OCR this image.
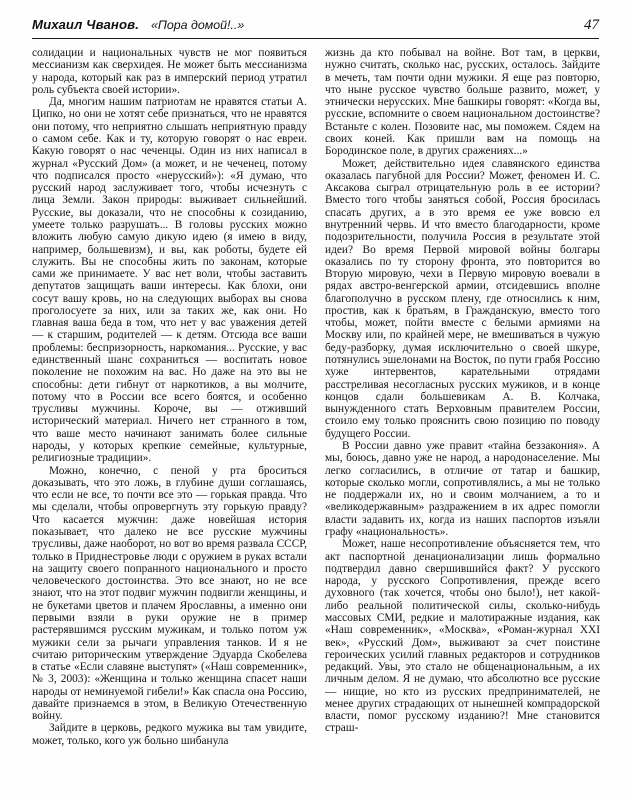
Михаил Чванов. «Пора домой!..»	47

солидации и национальных чувств не мог появиться мессианизм как сверхидея. Не может быть мессианизма у народа, который как раз в имперский период утратил роль субъекта своей истории».

Да, многим нашим патриотам не нравятся статьи А. Ципко, но они не хотят себе признаться, что не нравятся они потому, что неприятно слышать неприятную правду о самом себе. Как и ту, которую говорят о нас евреи. Какую говорят о нас чеченцы. Один из них написал в журнал «Русский Дом» (а может, и не чеченец, потому что подписался просто «нерусский»): «Я думаю, что русский народ заслуживает того, чтобы исчезнуть с лица Земли. Закон природы: выживает сильнейший. Русские, вы доказали, что не способны к созиданию, умеете только разрушать... В головы русских можно вложить любую самую дикую идею (я имею в виду, например, большевизм), и вы, как роботы, будете ей служить. Вы не способны жить по законам, которые сами же принимаете. У вас нет воли, чтобы заставить депутатов защищать ваши интересы. Как блохи, они сосут вашу кровь, но на следующих выборах вы снова проголосуете за них, или за таких же, как они. Но главная ваша беда в том, что нет у вас уважения детей — к старшим, родителей — к детям. Отсюда все ваши проблемы: беспризорность, наркомания... Русские, у вас единственный шанс сохраниться — воспитать новое поколение не похожим на вас. Но даже на это вы не способны: дети гибнут от наркотиков, а вы молчите, потому что в России все всего боятся, и особенно трусливы мужчины. Короче, вы — отживший исторический материал. Ничего нет странного в том, что ваше место начинают занимать более сильные народы, у которых крепкие семейные, культурные, религиозные традиции».

Можно, конечно, с пеной у рта броситься доказывать, что это ложь, в глубине души соглашаясь, что если не все, то почти все это — горькая правда. Что мы сделали, чтобы опровергнуть эту горькую правду? Что касается мужчин: даже новейшая история показывает, что далеко не все русские мужчины трусливы, даже наоборот, но вот во время развала СССР, только в Приднестровье люди с оружием в руках встали на защиту своего попранного национального и просто человеческого достоинства. Это все знают, но не все знают, что на этот подвиг мужчин подвигли женщины, и не букетами цветов и плачем Ярославны, а именно они первыми взяли в руки оружие не в пример растерявшимся русским мужикам, и только потом уж мужики сели за рычаги управления танков. И я не считаю риторическим утверждение Эдуарда Скобелева в статье «Если славяне выступят» («Наш современник», № 3, 2003): «Женщина и только женщина спасет наши народы от неминуемой гибели!» Как спасла она Россию, давайте признаемся в этом, в Великую Отечественную войну.

Зайдите в церковь, редкого мужика вы там увидите, может, только, кого уж больно шибанула

жизнь да кто побывал на войне. Вот там, в церкви, нужно считать, сколько нас, русских, осталось. Зайдите в мечеть, там почти одни мужики. Я еще раз повторю, что ныне русское чувство больше развито, может, у этнически нерусских. Мне башкиры говорят: «Когда вы, русские, вспомните о своем национальном достоинстве? Встаньте с колен. Позовите нас, мы поможем. Сядем на своих коней. Как пришли вам на помощь на Бородинское поле, в других сражениях...»

Может, действительно идея славянского единства оказалась пагубной для России? Может, феномен И. С. Аксакова сыграл отрицательную роль в ее истории? Вместо того чтобы заняться собой, Россия бросилась спасать других, а в это время ее уже вовсю ел внутренний червь. И что вместо благодарности, кроме подозрительности, получила Россия в результате этой идеи? Во время Первой мировой войны болгары оказались по ту сторону фронта, это повторится во Вторую мировую, чехи в Первую мировую воевали в рядах австро-венгерской армии, отсидевшись вполне благополучно в русском плену, где относились к ним, простив, как к братьям, в Гражданскую, вместо того чтобы, может, пойти вместе с белыми армиями на Москву или, по крайней мере, не вмешиваться в чужую беду-разборку, думая исключительно о своей шкуре, потянулись эшелонами на Восток, по пути грабя Россию хуже интервентов, карательными отрядами расстреливая несогласных русских мужиков, и в конце концов сдали большевикам А. В. Колчака, вынужденного стать Верховным правителем России, стоило ему только прояснить свою позицию по поводу будущего России.

В России давно уже правит «тайна беззакония». А мы, боюсь, давно уже не народ, а народонаселение. Мы легко согласились, в отличие от татар и башкир, которые сколько могли, сопротивлялись, а мы не только не поддержали их, но и своим молчанием, а то и «великодержавным» раздражением в их адрес помогли власти задавить их, когда из наших паспортов изъяли графу «национальность».

Может, наше несопротивление объясняется тем, что акт паспортной денационализации лишь формально подтвердил давно свершившийся факт? У русского народа, у русского Сопротивления, прежде всего духовного (так хочется, чтобы оно было!), нет какой-либо реальной политической силы, сколько-нибудь массовых СМИ, редкие и малотиражные издания, как «Наш современник», «Москва», «Роман-журнал XXI век», «Русский Дом», выживают за счет поистине героических усилий главных редакторов и сотрудников редакций. Увы, это стало не общенациональным, а их личным делом. Я не думаю, что абсолютно все русские — нищие, но кто из русских предпринимателей, не менее других страдающих от нынешней компрадорской власти, помог русскому изданию?! Мне становится страш-
